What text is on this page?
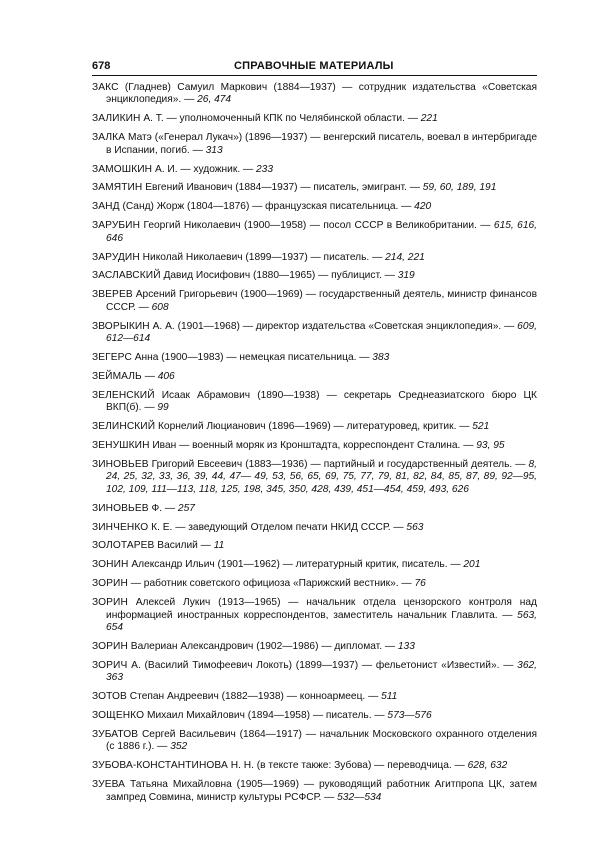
678	СПРАВОЧНЫЕ МАТЕРИАЛЫ
ЗАКС (Гладнев) Самуил Маркович (1884—1937) — сотрудник издательства «Советская энциклопедия». — 26, 474
ЗАЛИКИН А. Т. — уполномоченный КПК по Челябинской области. — 221
ЗАЛКА Матэ («Генерал Лукач») (1896—1937) — венгерский писатель, воевал в интербригаде в Испании, погиб. — 313
ЗАМОШКИН А. И. — художник. — 233
ЗАМЯТИН Евгений Иванович (1884—1937) — писатель, эмигрант. — 59, 60, 189, 191
ЗАНД (Санд) Жорж (1804—1876) — французская писательница. — 420
ЗАРУБИН Георгий Николаевич (1900—1958) — посол СССР в Великобритании. — 615, 616, 646
ЗАРУДИН Николай Николаевич (1899—1937) — писатель. — 214, 221
ЗАСЛАВСКИЙ Давид Иосифович (1880—1965) — публицист. — 319
ЗВЕРЕВ Арсений Григорьевич (1900—1969) — государственный деятель, министр финансов СССР. — 608
ЗВОРЫКИН А. А. (1901—1968) — директор издательства «Советская энциклопедия». — 609, 612—614
ЗЕГЕРС Анна (1900—1983) — немецкая писательница. — 383
ЗЕЙМАЛЬ — 406
ЗЕЛЕНСКИЙ Исаак Абрамович (1890—1938) — секретарь Среднеазиатского бюро ЦК ВКП(б). — 99
ЗЕЛИНСКИЙ Корнелий Люцианович (1896—1969) — литературовед, критик. — 521
ЗЕНУШКИН Иван — военный моряк из Кронштадта, корреспондент Сталина. — 93, 95
ЗИНОВЬЕВ Григорий Евсеевич (1883—1936) — партийный и государственный деятель. — 8, 24, 25, 32, 33, 36, 39, 44, 47— 49, 53, 56, 65, 69, 75, 77, 79, 81, 82, 84, 85, 87, 89, 92—95, 102, 109, 111—113, 118, 125, 198, 345, 350, 428, 439, 451—454, 459, 493, 626
ЗИНОВЬЕВ Ф. — 257
ЗИНЧЕНКО К. Е. — заведующий Отделом печати НКИД СССР. — 563
ЗОЛОТАРЕВ Василий — 11
ЗОНИН Александр Ильич (1901—1962) — литературный критик, писатель. — 201
ЗОРИН — работник советского официоза «Парижский вестник». — 76
ЗОРИН Алексей Лукич (1913—1965) — начальник отдела цензорского контроля над информацией иностранных корреспондентов, заместитель начальник Главлита. — 563, 654
ЗОРИН Валериан Александрович (1902—1986) — дипломат. — 133
ЗОРИЧ А. (Василий Тимофеевич Локоть) (1899—1937) — фельетонист «Известий». — 362, 363
ЗОТОВ Степан Андреевич (1882—1938) — конноармеец. — 511
ЗОЩЕНКО Михаил Михайлович (1894—1958) — писатель. — 573—576
ЗУБАТОВ Сергей Васильевич (1864—1917) — начальник Московского охранного отделения (с 1886 г.). — 352
ЗУБОВА-КОНСТАНТИНОВА Н. Н. (в тексте также: Зубова) — переводчица. — 628, 632
ЗУЕВА Татьяна Михайловна (1905—1969) — руководящий работник Агитпропа ЦК, затем зампред Совмина, министр культуры РСФСР. — 532—534
